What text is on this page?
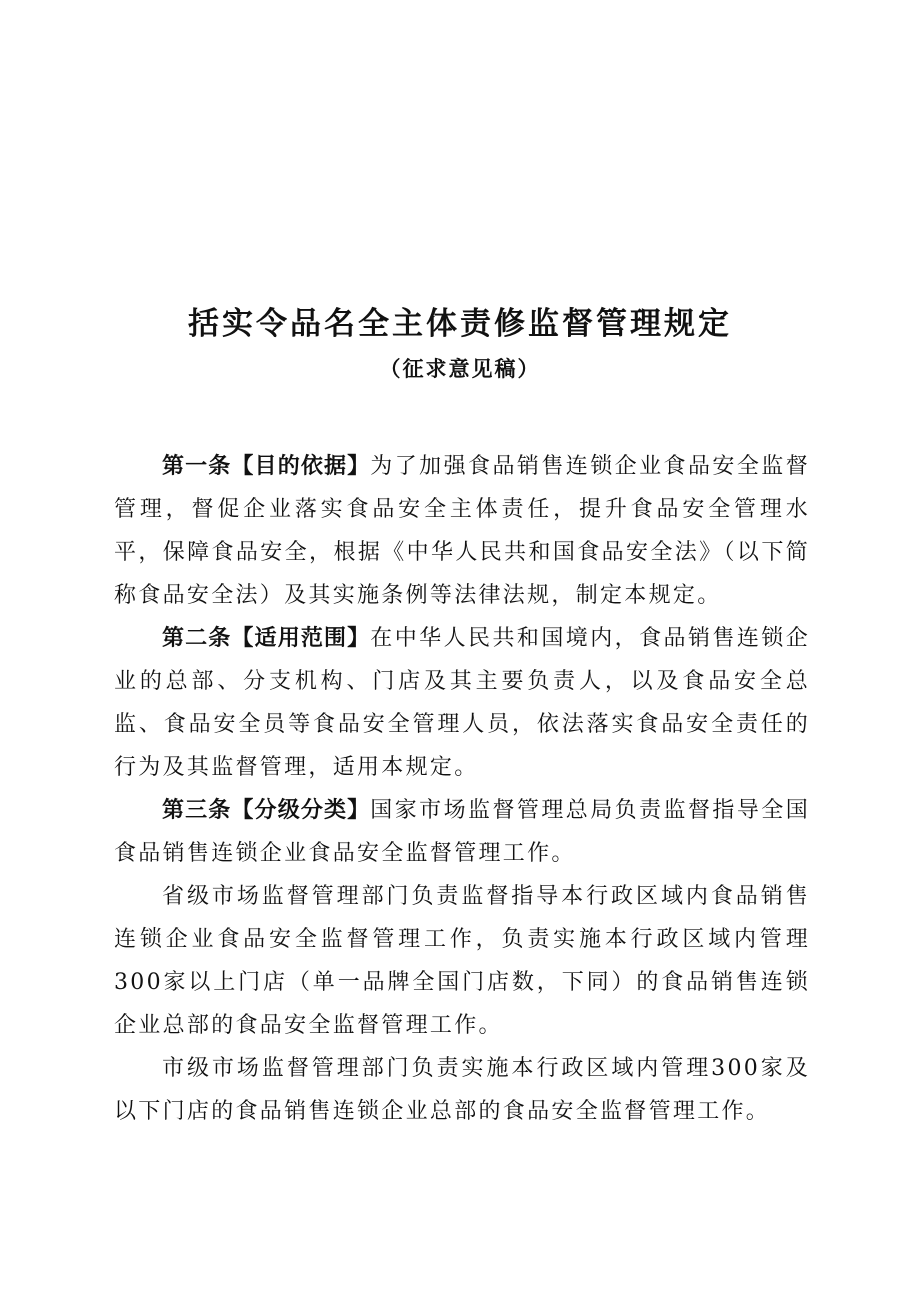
括实令品名全主体责修监督管理规定
（征求意见稿）

第一条【目的依据】为了加强食品销售连锁企业食品安全监督管理，督促企业落实食品安全主体责任，提升食品安全管理水平，保障食品安全，根据《中华人民共和国食品安全法》（以下简称食品安全法）及其实施条例等法律法规，制定本规定。

第二条【适用范围】在中华人民共和国境内，食品销售连锁企业的总部、分支机构、门店及其主要负责人，以及食品安全总监、食品安全员等食品安全管理人员，依法落实食品安全责任的行为及其监督管理，适用本规定。

第三条【分级分类】国家市场监督管理总局负责监督指导全国食品销售连锁企业食品安全监督管理工作。

省级市场监督管理部门负责监督指导本行政区域内食品销售连锁企业食品安全监督管理工作，负责实施本行政区域内管理300家以上门店（单一品牌全国门店数，下同）的食品销售连锁企业总部的食品安全监督管理工作。

市级市场监督管理部门负责实施本行政区域内管理300家及以下门店的食品销售连锁企业总部的食品安全监督管理工作。
